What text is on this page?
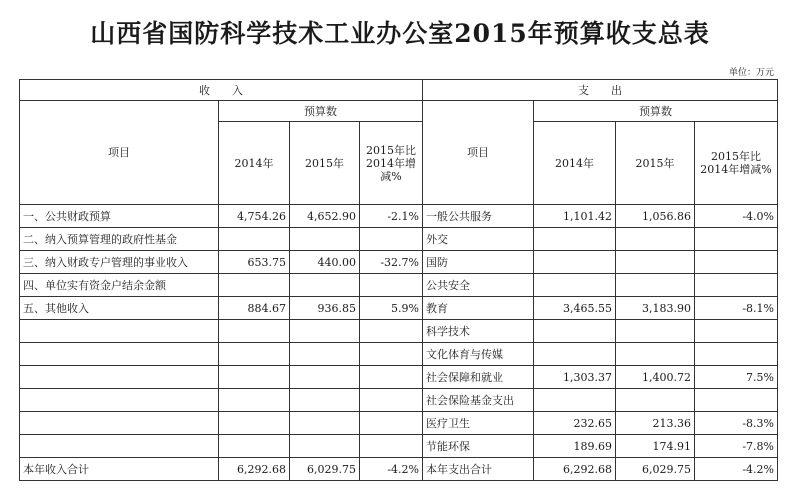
山西省国防科学技术工业办公室2015年预算收支总表
单位：万元
收　　入				支　　出			
项目	预算数			项目	预算数		
	2014年	2015年	2015年比2014年增减%		2014年	2015年	2015年比2014年增减%
一、公共财政预算	4,754.26	4,652.90	-2.1%	一般公共服务	1,101.42	1,056.86	-4.0%
二、纳入预算管理的政府性基金				外交			
三、纳入财政专户管理的事业收入	653.75	440.00	-32.7%	国防			
四、单位实有资金户结余金额				公共安全			
五、其他收入	884.67	936.85	5.9%	教育	3,465.55	3,183.90	-8.1%
				科学技术			
				文化体育与传媒			
				社会保障和就业	1,303.37	1,400.72	7.5%
				社会保险基金支出			
				医疗卫生	232.65	213.36	-8.3%
				节能环保	189.69	174.91	-7.8%
本年收入合计	6,292.68	6,029.75	-4.2%	本年支出合计	6,292.68	6,029.75	-4.2%
